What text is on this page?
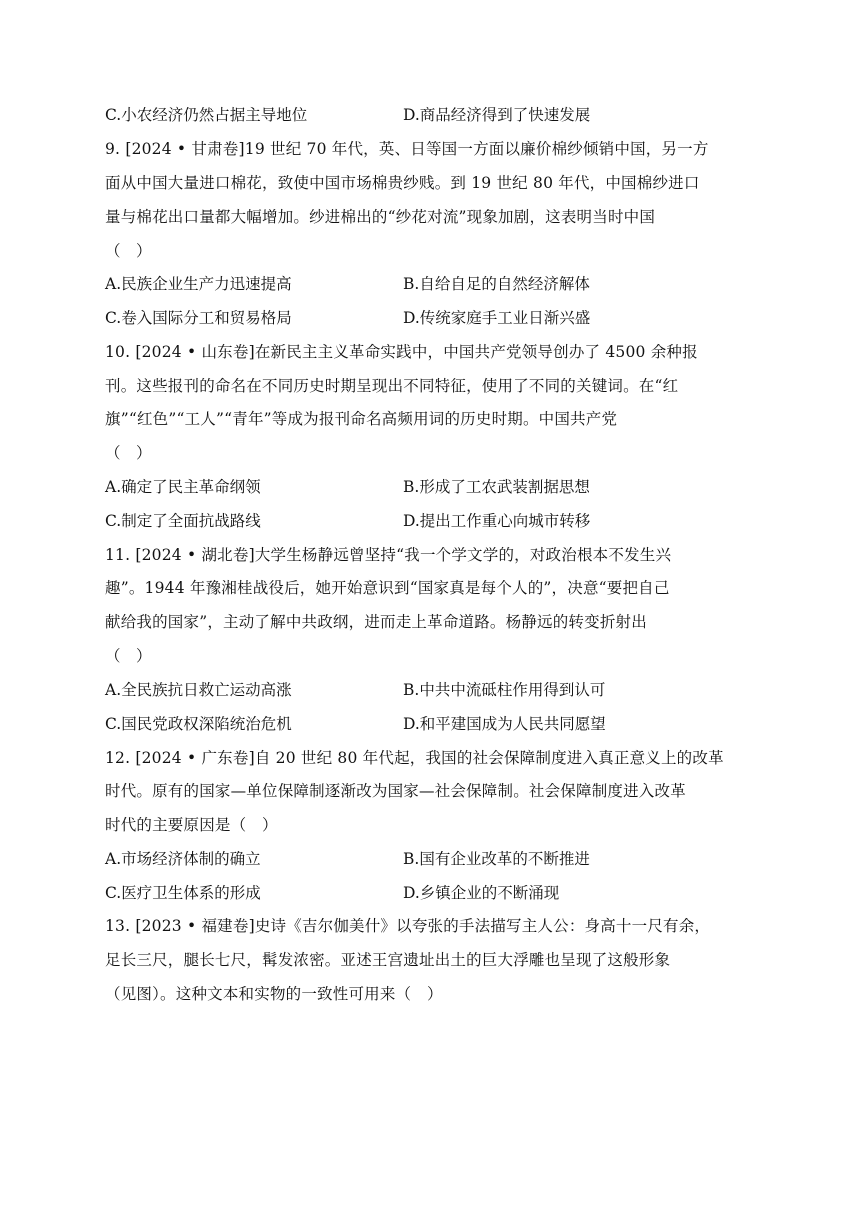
C.小农经济仍然占据主导地位	D.商品经济得到了快速发展
9. [2024 • 甘肃卷]19 世纪 70 年代，英、日等国一方面以廉价棉纱倾销中国，另一方
面从中国大量进口棉花，致使中国市场棉贵纱贱。到 19 世纪 80 年代，中国棉纱进口
量与棉花出口量都大幅增加。纱进棉出的“纱花对流”现象加剧，这表明当时中国
（　）
A.民族企业生产力迅速提高	B.自给自足的自然经济解体
C.卷入国际分工和贸易格局	D.传统家庭手工业日渐兴盛
10. [2024 • 山东卷]在新民主主义革命实践中，中国共产党领导创办了 4500 余种报
刊。这些报刊的命名在不同历史时期呈现出不同特征，使用了不同的关键词。在“红
旗”“红色”“工人”“青年”等成为报刊命名高频用词的历史时期。中国共产党
（　）
A.确定了民主革命纲领	B.形成了工农武装割据思想
C.制定了全面抗战路线	D.提出工作重心向城市转移
11. [2024 • 湖北卷]大学生杨静远曾坚持“我一个学文学的，对政治根本不发生兴
趣”。1944 年豫湘桂战役后，她开始意识到“国家真是每个人的”，决意“要把自己
献给我的国家”，主动了解中共政纲，进而走上革命道路。杨静远的转变折射出
（　）
A.全民族抗日救亡运动高涨	B.中共中流砥柱作用得到认可
C.国民党政权深陷统治危机	D.和平建国成为人民共同愿望
12. [2024 • 广东卷]自 20 世纪 80 年代起，我国的社会保障制度进入真正意义上的改革
时代。原有的国家—单位保障制逐渐改为国家—社会保障制。社会保障制度进入改革
时代的主要原因是（　）
A.市场经济体制的确立	B.国有企业改革的不断推进
C.医疗卫生体系的形成	D.乡镇企业的不断涌现
13. [2023 • 福建卷]史诗《吉尔伽美什》以夸张的手法描写主人公：身高十一尺有余，
足长三尺，腿长七尺，髯发浓密。亚述王宫遗址出土的巨大浮雕也呈现了这般形象
（见图）。这种文本和实物的一致性可用来（　）
